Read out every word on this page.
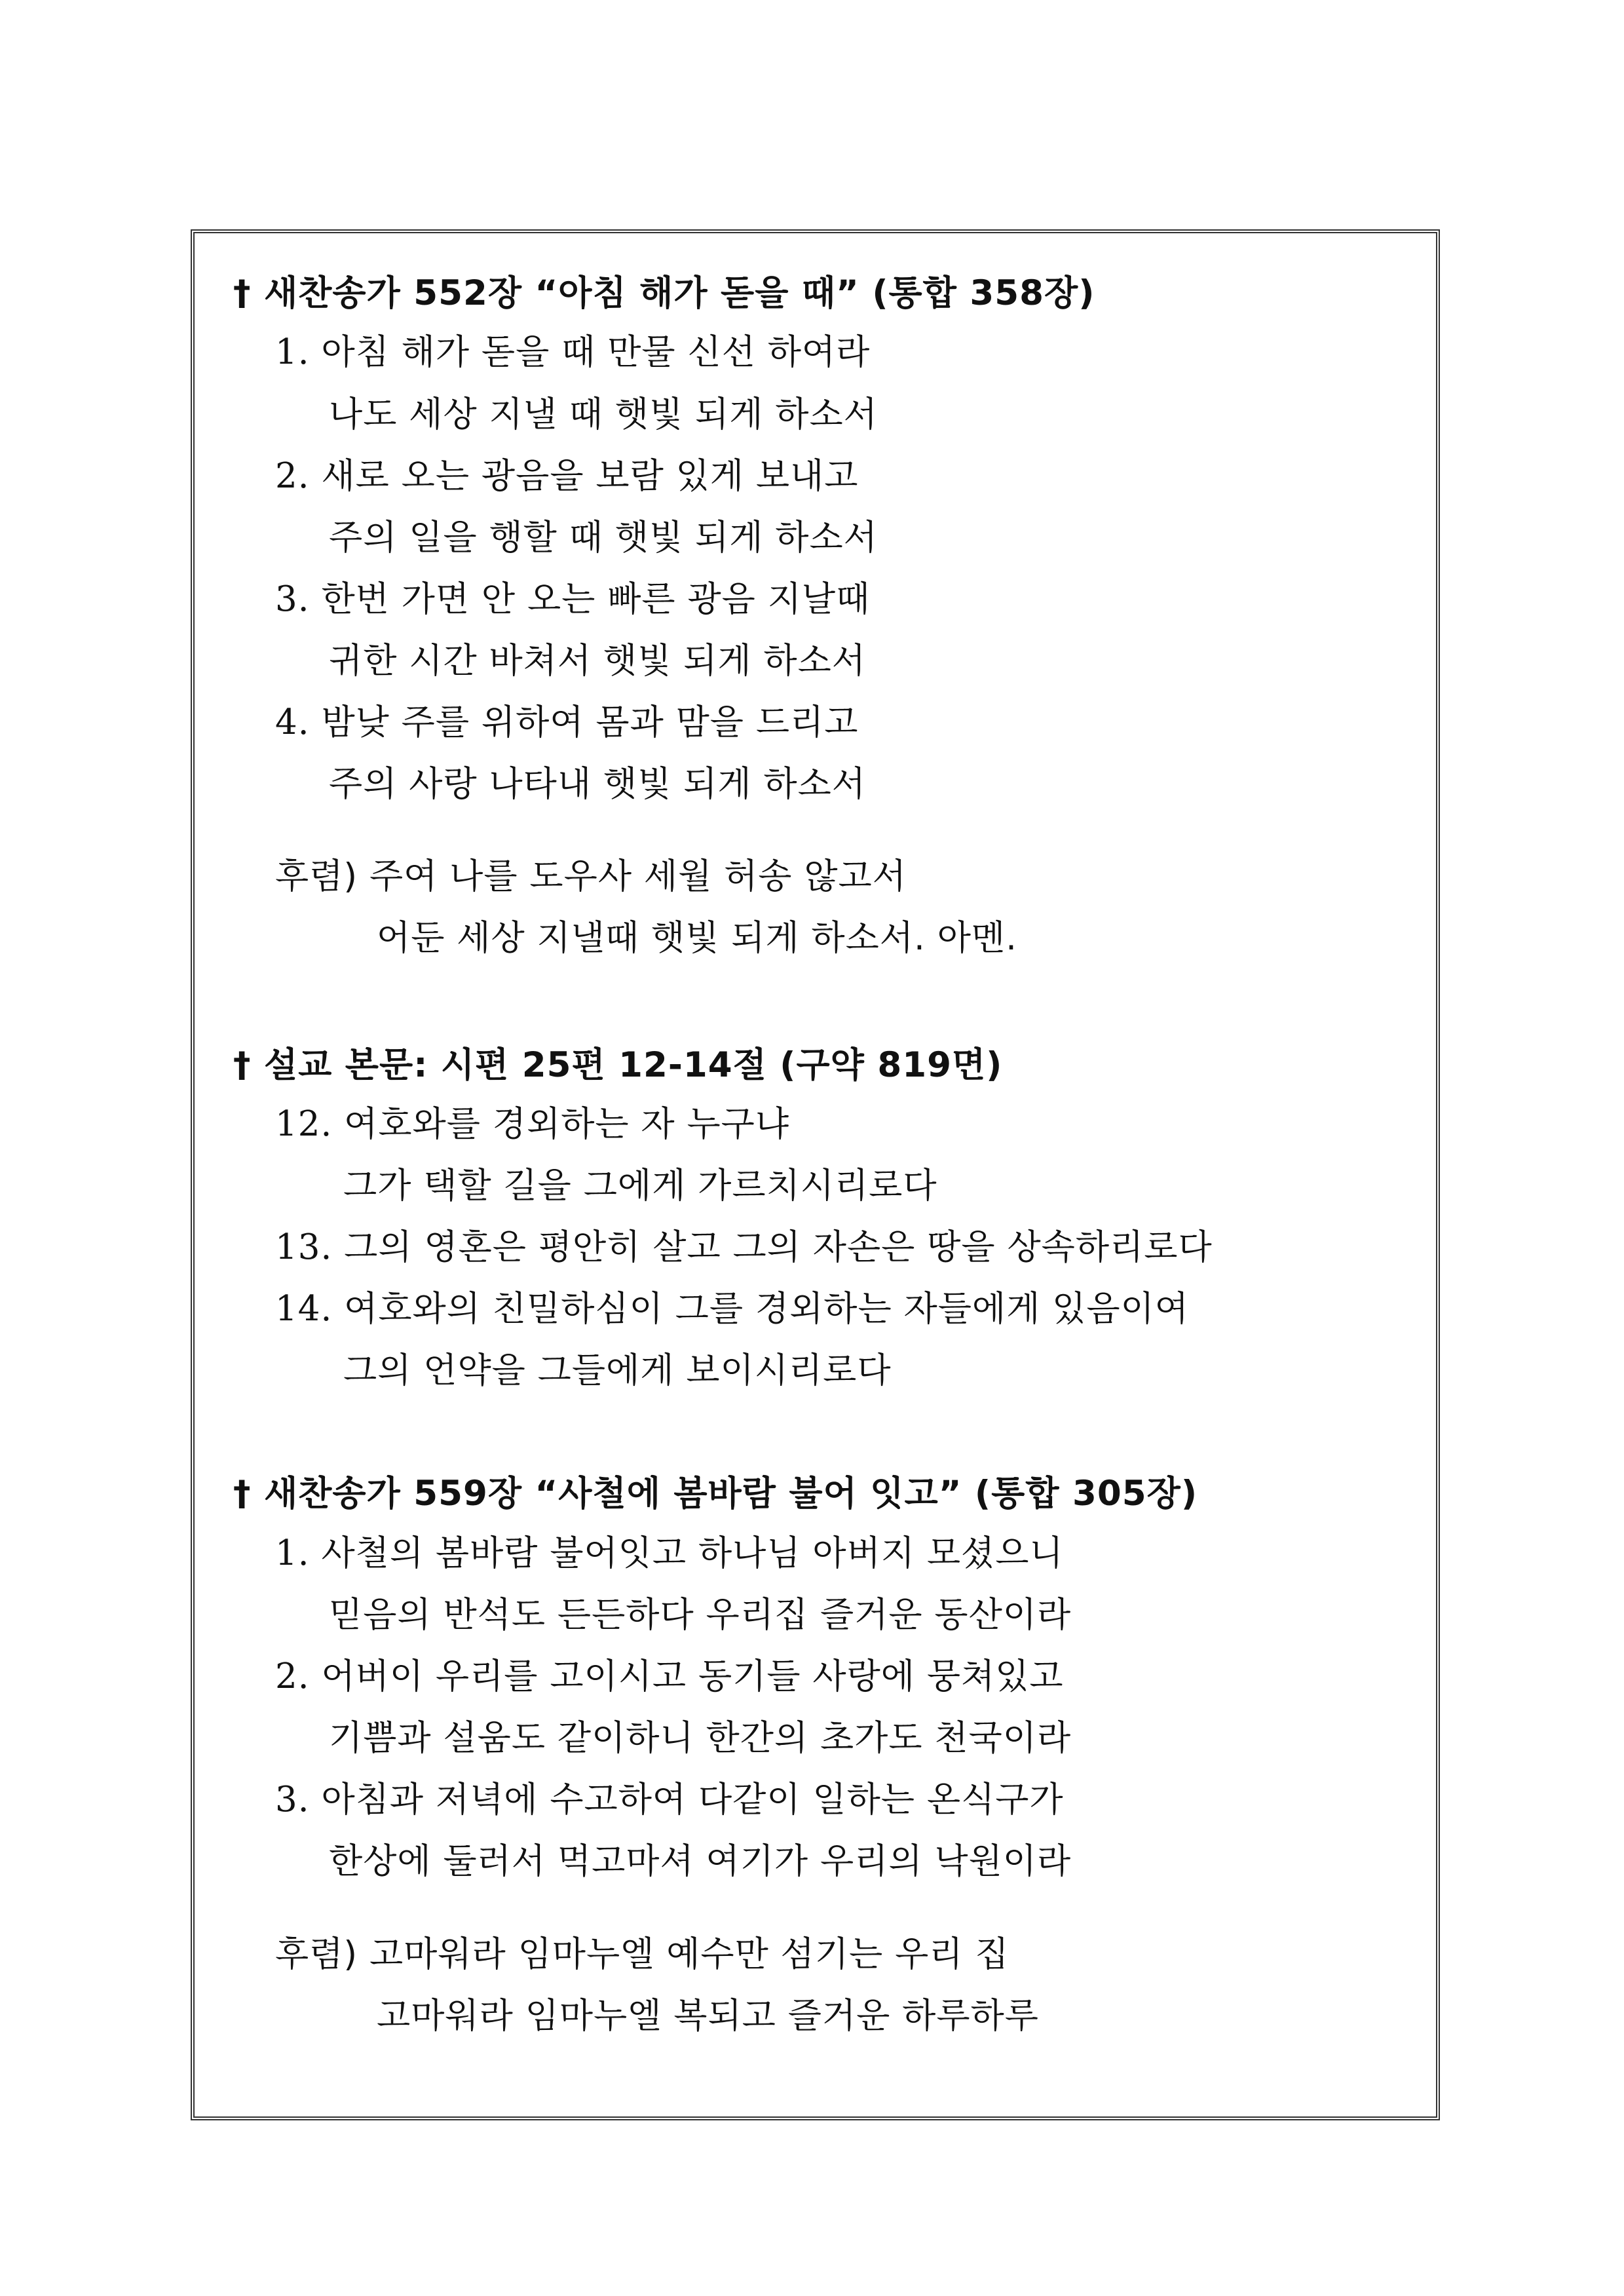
† 새찬송가 552장 “아침 해가 돋을 때” (통합 358장)
1. 아침 해가 돋을 때 만물 신선 하여라
나도 세상 지낼 때 햇빛 되게 하소서
2. 새로 오는 광음을 보람 있게 보내고
주의 일을 행할 때 햇빛 되게 하소서
3. 한번 가면 안 오는 빠른 광음 지날때
귀한 시간 바쳐서 햇빛 되게 하소서
4. 밤낮 주를 위하여 몸과 맘을 드리고
주의 사랑 나타내 햇빛 되게 하소서
후렴) 주여 나를 도우사 세월 허송 않고서
어둔 세상 지낼때 햇빛 되게 하소서. 아멘.
† 설교 본문: 시편 25편 12-14절 (구약 819면)
12. 여호와를 경외하는 자 누구냐
그가 택할 길을 그에게 가르치시리로다
13. 그의 영혼은 평안히 살고 그의 자손은 땅을 상속하리로다
14. 여호와의 친밀하심이 그를 경외하는 자들에게 있음이여
그의 언약을 그들에게 보이시리로다
† 새찬송가 559장 “사철에 봄바람 불어 잇고” (통합 305장)
1. 사철의 봄바람 불어잇고 하나님 아버지 모셨으니
믿음의 반석도 든든하다 우리집 즐거운 동산이라
2. 어버이 우리를 고이시고 동기들 사랑에 뭉쳐있고
기쁨과 설움도 같이하니 한간의 초가도 천국이라
3. 아침과 저녁에 수고하여 다같이 일하는 온식구가
한상에 둘러서 먹고마셔 여기가 우리의 낙원이라
후렴) 고마워라 임마누엘 예수만 섬기는 우리 집
고마워라 임마누엘 복되고 즐거운 하루하루
